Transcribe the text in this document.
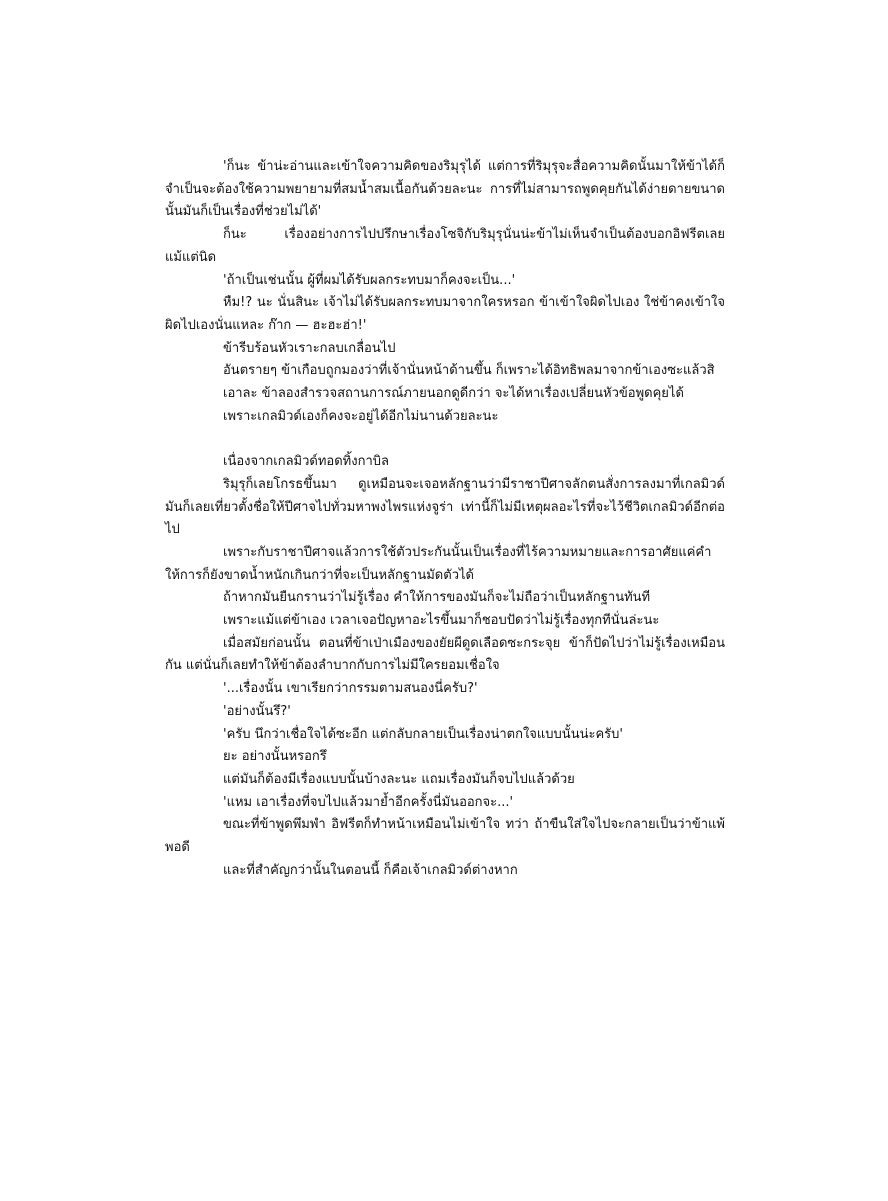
'ก็นะ ข้าน่ะอ่านและเข้าใจความคิดของริมุรุได้ แต่การที่ริมุรุจะสื่อความคิดนั้นมาให้ข้าได้ก็จำเป็นจะต้องใช้ความพยายามที่สมน้ำสมเนื้อกันด้วยละนะ การที่ไม่สามารถพูดคุยกันได้ง่ายดายขนาดนั้นมันก็เป็นเรื่องที่ช่วยไม่ได้'

ก็นะ เรื่องอย่างการไปปรึกษาเรื่องโซจิกับริมุรุนั่นน่ะข้าไม่เห็นจำเป็นต้องบอกอิฟรีตเลยแม้แต่นิด

'ถ้าเป็นเช่นนั้น ผู้ที่ผมได้รับผลกระทบมาก็คงจะเป็น...'

หืม!? นะ นั่นสินะ เจ้าไม่ได้รับผลกระทบมาจากใครหรอก ข้าเข้าใจผิดไปเอง ใช่ข้าคงเข้าใจผิดไปเองนั่นแหละ ก๊าก — ฮะฮะฮ่า!'

ข้ารีบร้อนหัวเราะกลบเกลื่อนไป

อันตรายๆ ข้าเกือบถูกมองว่าที่เจ้านั่นหน้าด้านขึ้น ก็เพราะได้อิทธิพลมาจากข้าเองซะแล้วสิ

เอาละ ข้าลองสำรวจสถานการณ์ภายนอกดูดีกว่า จะได้หาเรื่องเปลี่ยนหัวข้อพูดคุยได้

เพราะเกลมิวด์เองก็คงจะอยู่ได้อีกไม่นานด้วยละนะ

เนื่องจากเกลมิวด์ทอดทิ้งกาบิล

ริมุรุก็เลยโกรธขึ้นมา ดูเหมือนจะเจอหลักฐานว่ามีราชาปีศาจลักตนสั่งการลงมาที่เกลมิวด์ มันก็เลยเที่ยวตั้งชื่อให้ปีศาจไปทั่วมหาพงไพรแห่งจูร่า เท่านี้ก็ไม่มีเหตุผลอะไรที่จะไว้ชีวิตเกลมิวด์อีกต่อไป

เพราะกับราชาปีศาจแล้วการใช้ตัวประกันนั้นเป็นเรื่องที่ไร้ความหมายและการอาศัยแค่คำให้การก็ยังขาดน้ำหนักเกินกว่าที่จะเป็นหลักฐานมัดตัวได้

ถ้าหากมันยืนกรานว่าไม่รู้เรื่อง คำให้การของมันก็จะไม่ถือว่าเป็นหลักฐานทันที

เพราะแม้แต่ข้าเอง เวลาเจอปัญหาอะไรขึ้นมาก็ชอบปัดว่าไม่รู้เรื่องทุกทีนั่นล่ะนะ

เมื่อสมัยก่อนนั้น ตอนที่ข้าเป่าเมืองของยัยผีดูดเลือดซะกระจุย ข้าก็ปัดไปว่าไม่รู้เรื่องเหมือนกัน แต่นั่นก็เลยทำให้ข้าต้องลำบากกับการไม่มีใครยอมเชื่อใจ

'...เรื่องนั้น เขาเรียกว่ากรรมตามสนองนี่ครับ?'

'อย่างนั้นรึ?'

'ครับ นึกว่าเชื่อใจได้ซะอีก แต่กลับกลายเป็นเรื่องน่าตกใจแบบนั้นน่ะครับ'

ยะ อย่างนั้นหรอกรึ

แต่มันก็ต้องมีเรื่องแบบนั้นบ้างละนะ แถมเรื่องมันก็จบไปแล้วด้วย

'แหม เอาเรื่องที่จบไปแล้วมาย้ำอีกครั้งนี่มันออกจะ...'

ขณะที่ข้าพูดพึมพำ อิฟรีตก็ทำหน้าเหมือนไม่เข้าใจ ทว่า ถ้าขืนใส่ใจไปจะกลายเป็นว่าข้าแพ้พอดี

และที่สำคัญกว่านั้นในตอนนี้ ก็คือเจ้าเกลมิวด์ต่างหาก
